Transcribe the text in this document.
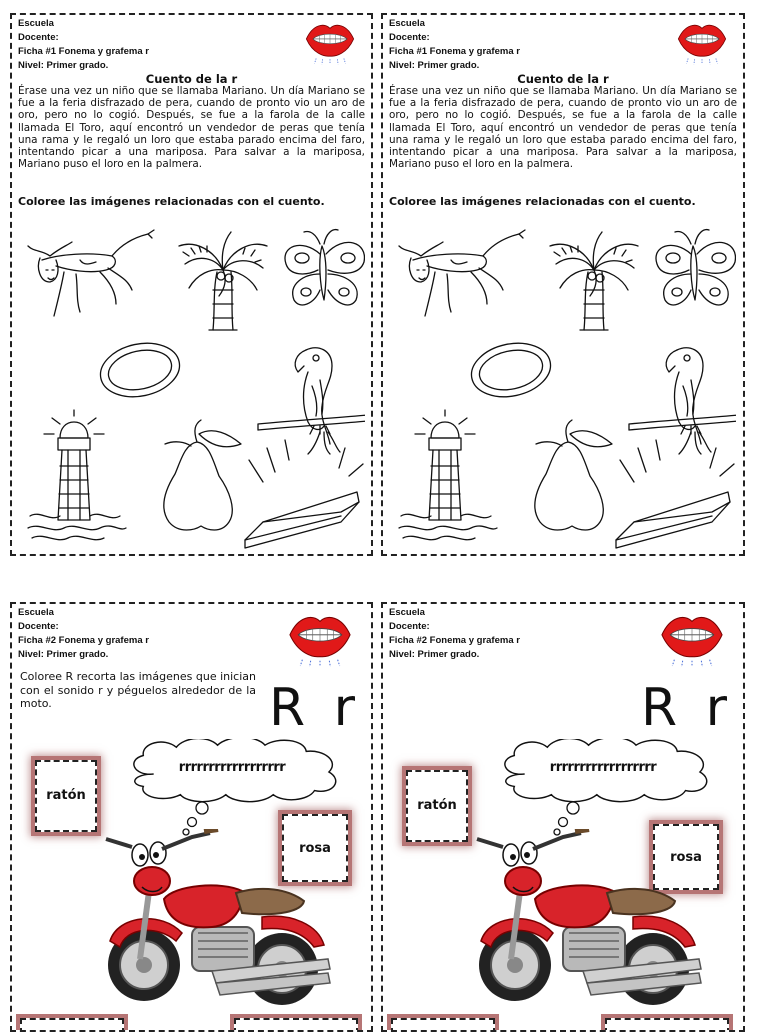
Escuela
Docente:
Ficha #1 Fonema y grafema r
Nivel: Primer grado.
Cuento de la r
Érase una vez un niño que se llamaba Mariano. Un día Mariano se fue a la feria disfrazado de pera, cuando de pronto vio un aro de oro, pero no lo cogió. Después, se fue a la farola de la calle llamada El Toro, aquí encontró un vendedor de peras que tenía una rama y le regaló un loro que estaba parado encima del faro, intentando picar a una mariposa. Para salvar a la mariposa, Mariano puso el loro en la palmera.
Coloree las imágenes relacionadas con el cuento.
Escuela
Docente:
Ficha #1 Fonema y grafema r
Nivel: Primer grado.
Cuento de la r
Érase una vez un niño que se llamaba Mariano. Un día Mariano se fue a la feria disfrazado de pera, cuando de pronto vio un aro de oro, pero no lo cogió. Después, se fue a la farola de la calle llamada El Toro, aquí encontró un vendedor de peras que tenía una rama y le regaló un loro que estaba parado encima del faro, intentando picar a una mariposa. Para salvar a la mariposa, Mariano puso el loro en la palmera.
Coloree las imágenes relacionadas con el cuento.
Escuela
Docente:
Ficha #2 Fonema y grafema r
Nivel: Primer grado.
Coloree R recorta las imágenes que inician con el sonido r y péguelos alrededor de la moto.	R r
rrrrrrrrrrrrrrrrrr
ratón
rosa
Escuela
Docente:
Ficha #2 Fonema y grafema r
Nivel: Primer grado.
R r
rrrrrrrrrrrrrrrrrr
ratón
rosa
